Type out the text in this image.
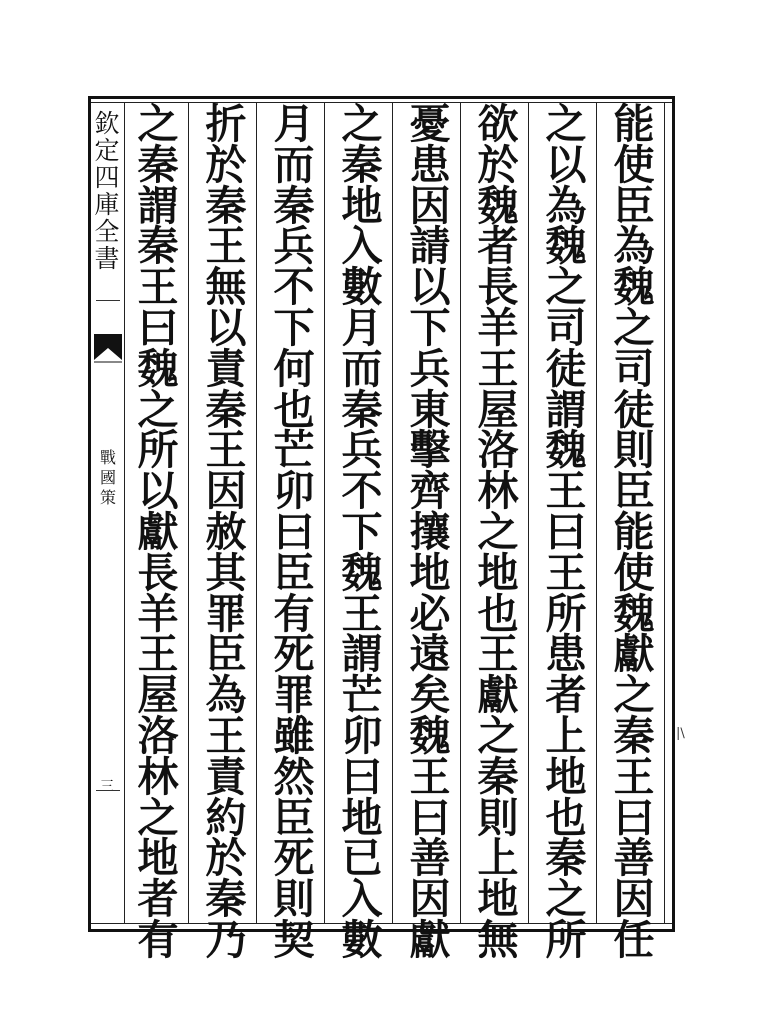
欽
定
四
庫
全
書
戰
國
策
三
|\
能
使
臣
為
魏
之
司
徒
則
臣
能
使
魏
獻
之
秦
王
曰
善
因
任
之
以
為
魏
之
司
徒
謂
魏
王
曰
王
所
患
者
上
地
也
秦
之
所
欲
於
魏
者
長
羊
王
屋
洛
林
之
地
也
王
獻
之
秦
則
上
地
無
憂
患
因
請
以
下
兵
東
擊
齊
攘
地
必
遠
矣
魏
王
曰
善
因
獻
之
秦
地
入
數
月
而
秦
兵
不
下
魏
王
謂
芒
卯
曰
地
已
入
數
月
而
秦
兵
不
下
何
也
芒
卯
曰
臣
有
死
罪
雖
然
臣
死
則
契
折
於
秦
王
無
以
責
秦
王
因
赦
其
罪
臣
為
王
責
約
於
秦
乃
之
秦
謂
秦
王
曰
魏
之
所
以
獻
長
羊
王
屋
洛
林
之
地
者
有
